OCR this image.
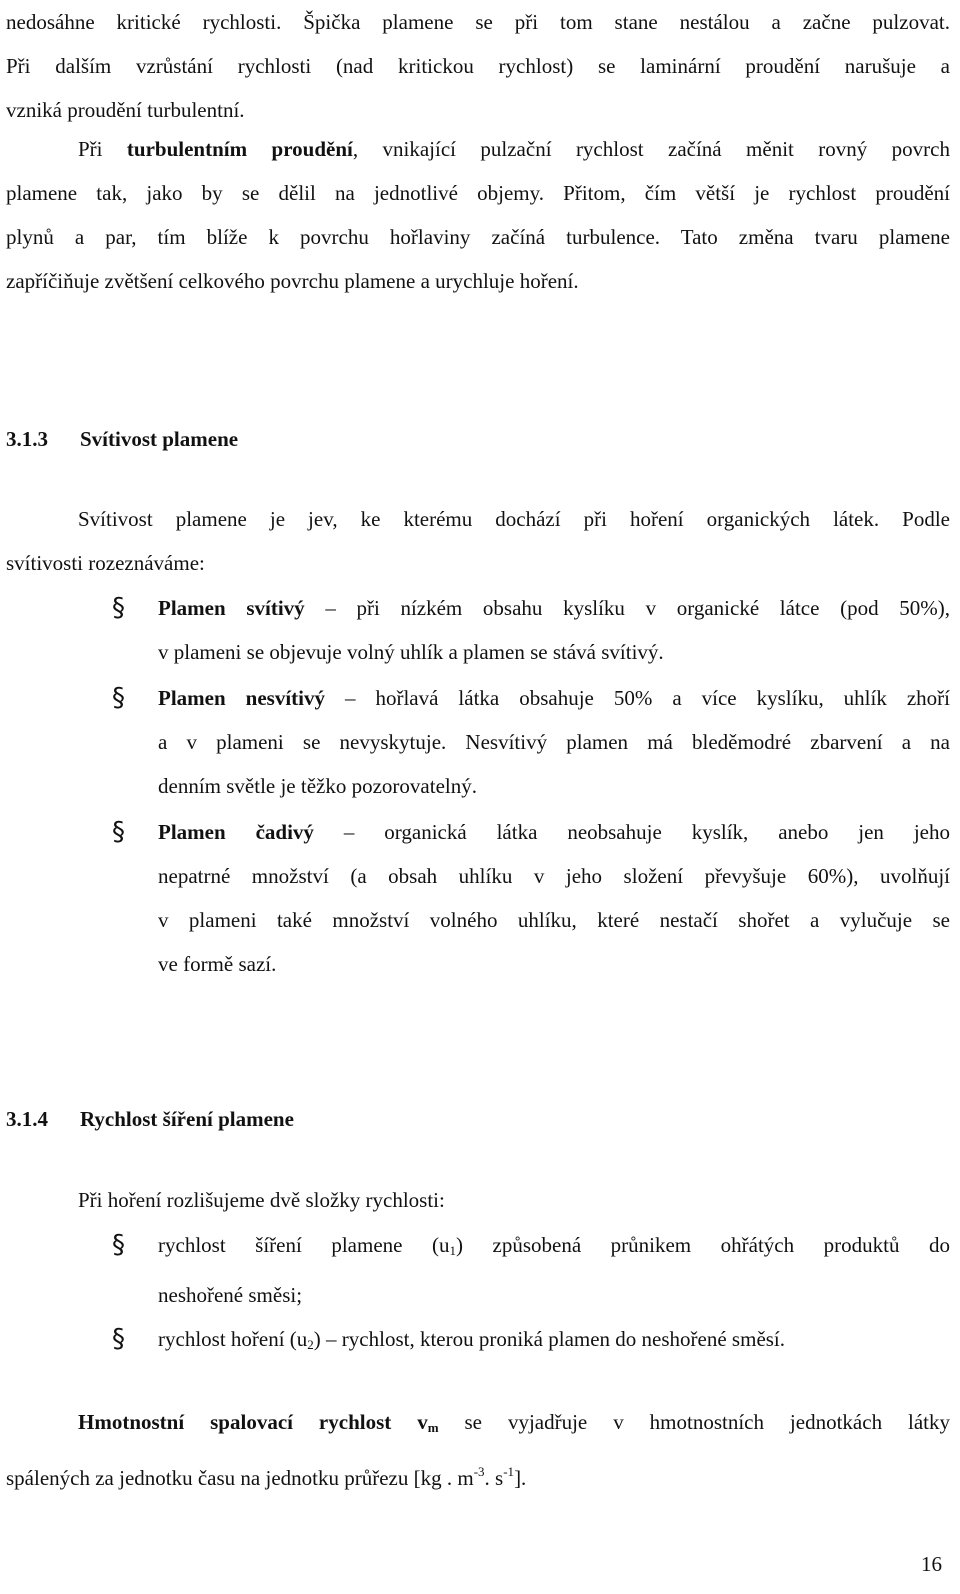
nedosáhne kritické rychlosti. Špička plamene se při tom stane nestálou a začne pulzovat.
Při dalším vzrůstání rychlosti (nad kritickou rychlost) se laminární proudění narušuje a
vzniká proudění turbulentní.
Při turbulentním proudění, vnikající pulzační rychlost začíná měnit rovný povrch
plamene tak, jako by se dělil na jednotlivé objemy. Přitom, čím větší je rychlost proudění
plynů a par, tím blíže k povrchu hořlaviny začíná turbulence. Tato změna tvaru plamene
zapříčiňuje zvětšení celkového povrchu plamene a urychluje hoření.
3.1.3 Svítivost plamene
Svítivost plamene je jev, ke kterému dochází při hoření organických látek. Podle
svítivosti rozeznáváme:
§	Plamen svítivý – při nízkém obsahu kyslíku v organické látce (pod 50%),
v plameni se objevuje volný uhlík a plamen se stává svítivý.
§	Plamen nesvítivý – hořlavá látka obsahuje 50% a více kyslíku, uhlík zhoří
a v plameni se nevyskytuje. Nesvítivý plamen má bleděmodré zbarvení a na
denním světle je těžko pozorovatelný.
§	Plamen čadivý – organická látka neobsahuje kyslík, anebo jen jeho
nepatrné množství (a obsah uhlíku v jeho složení převyšuje 60%), uvolňují
v plameni také množství volného uhlíku, které nestačí shořet a vylučuje se
ve formě sazí.
3.1.4 Rychlost šíření plamene
Při hoření rozlišujeme dvě složky rychlosti:
§	rychlost šíření plamene $(u_1)$ způsobená průnikem ohřátých produktů do
neshořené směsi;
§	rychlost hoření $(u_2)$ – rychlost, kterou proniká plamen do neshořené směsí.
Hmotnostní spalovací rychlost $v_m$ se vyjadřuje v hmotnostních jednotkách látky
spálených za jednotku času na jednotku průřezu [kg . $m^{-3}$. $s^{-1}$].
16
